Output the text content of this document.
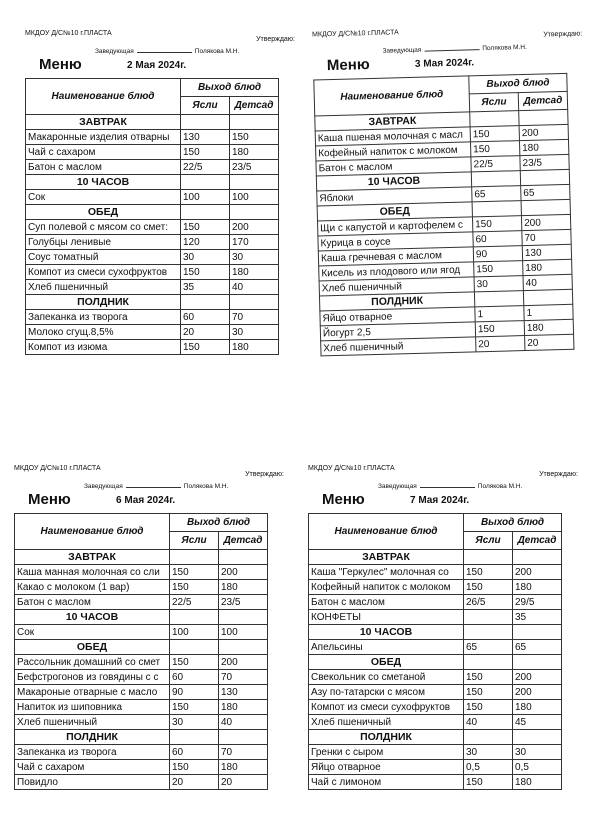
МКДОУ Д/С№10 г.ПЛАСТА
Утверждаю:
Заведующая	Полякова М.Н.
Меню	2 Мая 2024г.
Наименование блюд	Выход блюд	
	Ясли	Детсад
ЗАВТРАК		
Макаронные изделия отварны	130	150
Чай с сахаром	150	180
Батон с маслом	22/5	23/5
10 ЧАСОВ		
Сок	100	100
ОБЕД		
Суп полевой с мясом со смет:	150	200
Голубцы ленивые	120	170
Соус томатный	30	30
Компот из смеси сухофруктов	150	180
Хлеб пшеничный	35	40
ПОЛДНИК		
Запеканка из творога	60	70
Молоко сгущ.8,5%	20	30
Компот из изюма	150	180
МКДОУ Д/С№10 г.ПЛАСТА	Утверждаю:
Заведующая	Полякова М.Н.
Меню	3 Мая 2024г.
Наименование блюд	Выход блюд	
	Ясли	Детсад
ЗАВТРАК		
Каша пшеная молочная с масл	150	200
Кофейный напиток с молоком	150	180
Батон с маслом	22/5	23/5
10 ЧАСОВ		
Яблоки	65	65
ОБЕД		
Щи с капустой и картофелем с	150	200
Курица в соусе	60	70
Каша гречневая с маслом	90	130
Кисель из плодового или ягод	150	180
Хлеб пшеничный	30	40
ПОЛДНИК		
Яйцо отварное	1	1
Йогурт 2,5	150	180
Хлеб пшеничный	20	20
МКДОУ Д/С№10 г.ПЛАСТА
Утверждаю:
Заведующая	Полякова М.Н.
Меню	6 Мая 2024г.
Наименование блюд	Выход блюд	
	Ясли	Детсад
ЗАВТРАК		
Каша манная молочная со сли	150	200
Какао с молоком (1 вар)	150	180
Батон с маслом	22/5	23/5
10 ЧАСОВ		
Сок	100	100
ОБЕД		
Рассольник домашний со смет	150	200
Бефстрогонов из говядины с с	60	70
Макароные отварные с масло	90	130
Напиток из шиповника	150	180
Хлеб пшеничный	30	40
ПОЛДНИК		
Запеканка из творога	60	70
Чай с сахаром	150	180
Повидло	20	20
МКДОУ Д/С№10 г.ПЛАСТА
Утверждаю:
Заведующая	Полякова М.Н.
Меню	7 Мая 2024г.
Наименование блюд	Выход блюд	
	Ясли	Детсад
ЗАВТРАК		
Каша "Геркулес" молочная со	150	200
Кофейный напиток с молоком	150	180
Батон с маслом	26/5	29/5
КОНФЕТЫ		35
10 ЧАСОВ		
Апельсины	65	65
ОБЕД		
Свекольник со сметаной	150	200
Азу по-татарски с мясом	150	200
Компот из смеси сухофруктов	150	180
Хлеб пшеничный	40	45
ПОЛДНИК		
Гренки с сыром	30	30
Яйцо отварное	0,5	0,5
Чай с лимоном	150	180
